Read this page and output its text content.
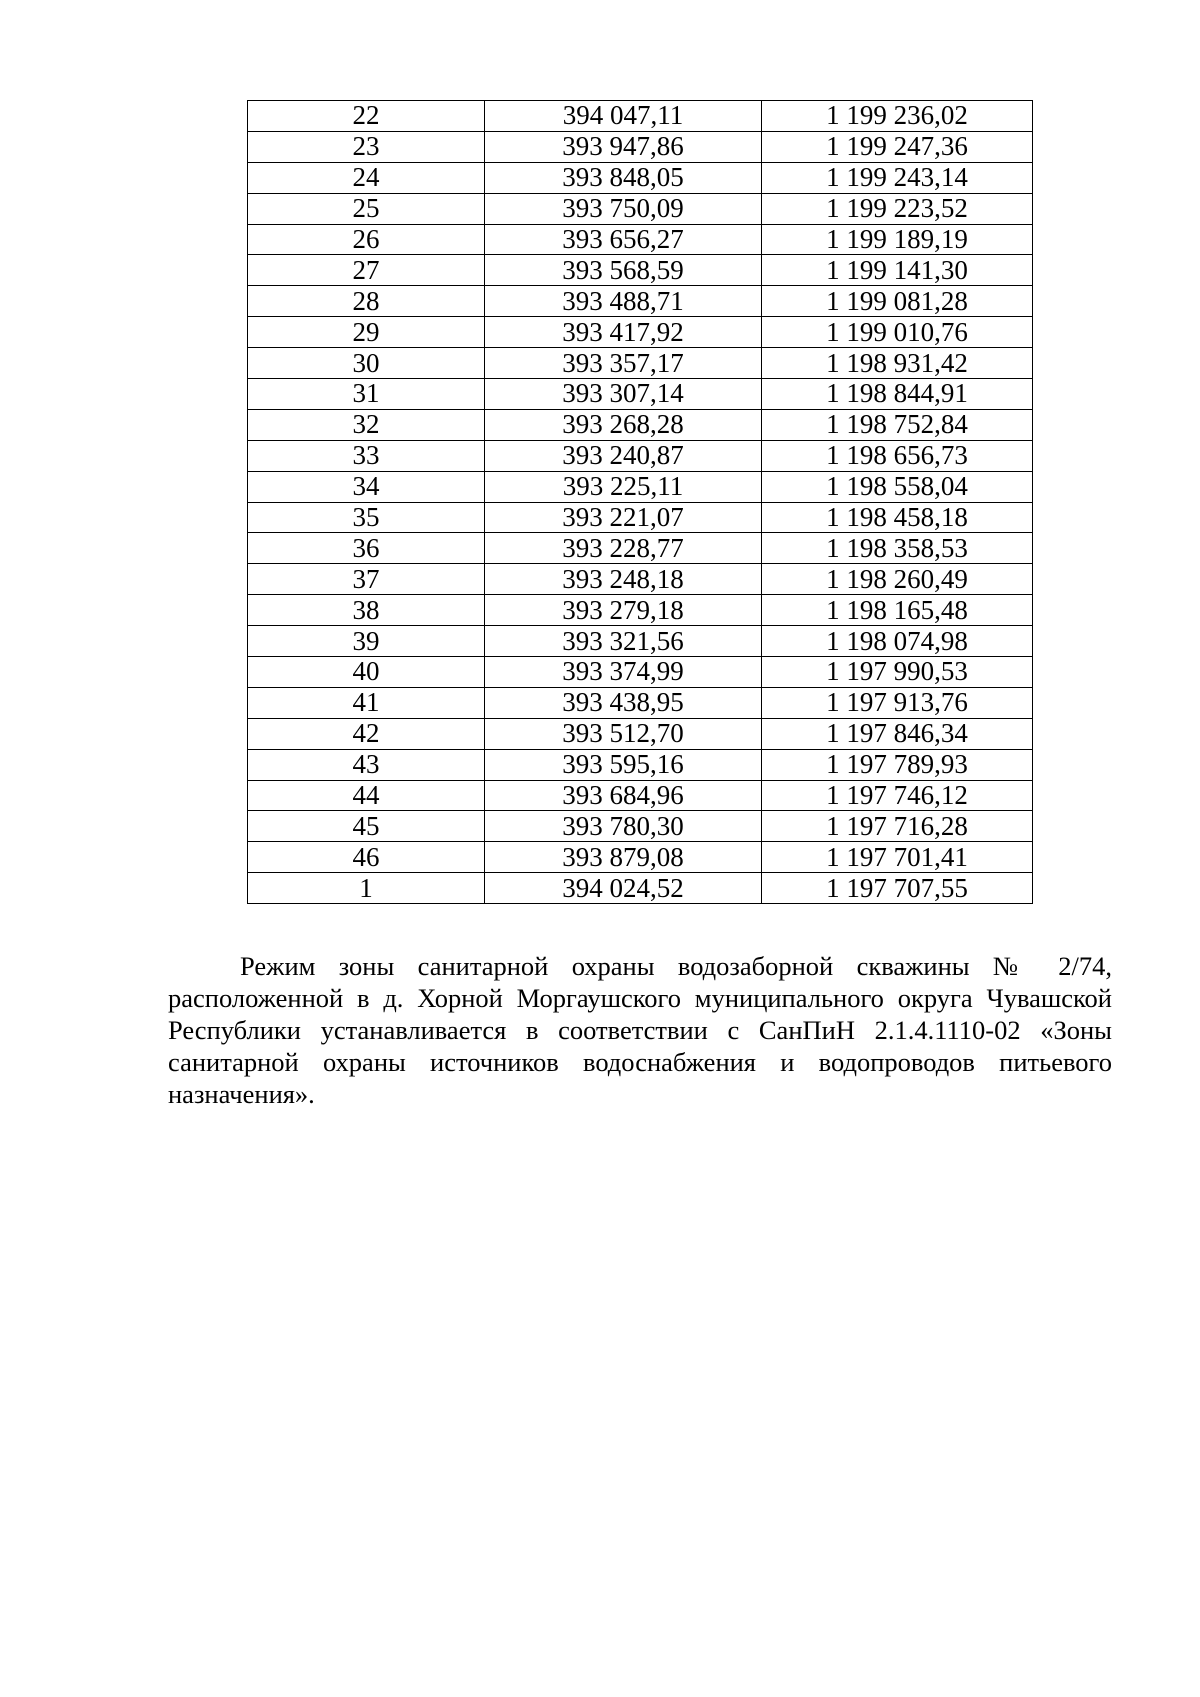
22	394 047,11	1 199 236,02
23	393 947,86	1 199 247,36
24	393 848,05	1 199 243,14
25	393 750,09	1 199 223,52
26	393 656,27	1 199 189,19
27	393 568,59	1 199 141,30
28	393 488,71	1 199 081,28
29	393 417,92	1 199 010,76
30	393 357,17	1 198 931,42
31	393 307,14	1 198 844,91
32	393 268,28	1 198 752,84
33	393 240,87	1 198 656,73
34	393 225,11	1 198 558,04
35	393 221,07	1 198 458,18
36	393 228,77	1 198 358,53
37	393 248,18	1 198 260,49
38	393 279,18	1 198 165,48
39	393 321,56	1 198 074,98
40	393 374,99	1 197 990,53
41	393 438,95	1 197 913,76
42	393 512,70	1 197 846,34
43	393 595,16	1 197 789,93
44	393 684,96	1 197 746,12
45	393 780,30	1 197 716,28
46	393 879,08	1 197 701,41
1	394 024,52	1 197 707,55

Режим зоны санитарной охраны водозаборной скважины № 2/74, расположенной в д. Хорной Моргаушского муниципального округа Чувашской Республики устанавливается в соответствии с СанПиН 2.1.4.1110-02 «Зоны санитарной охраны источников водоснабжения и водопроводов питьевого назначения».
